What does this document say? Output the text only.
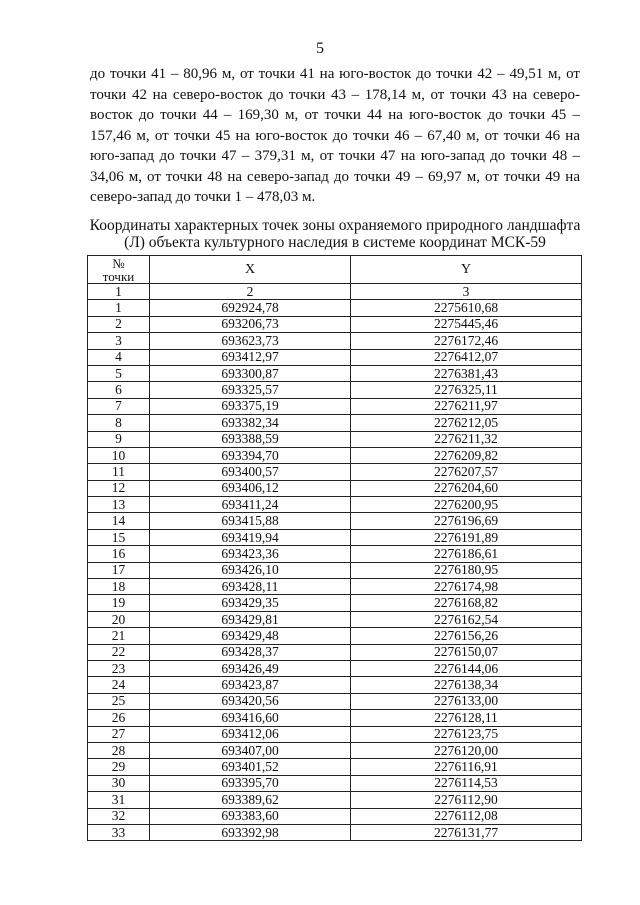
5

до точки 41 – 80,96 м, от точки 41 на юго-восток до точки 42 – 49,51 м, от точки 42 на северо-восток до точки 43 – 178,14 м, от точки 43 на северо-восток до точки 44 – 169,30 м, от точки 44 на юго-восток до точки 45 – 157,46 м, от точки 45 на юго-восток до точки 46 – 67,40 м, от точки 46 на юго-запад до точки 47 – 379,31 м, от точки 47 на юго-запад до точки 48 – 34,06 м, от точки 48 на северо-запад до точки 49 – 69,97 м, от точки 49 на северо-запад до точки 1 – 478,03 м.

Координаты характерных точек зоны охраняемого природного ландшафта
(Л) объекта культурного наследия в системе координат МСК-59
№
точки	X	Y
1	2	3
1	692924,78	2275610,68
2	693206,73	2275445,46
3	693623,73	2276172,46
4	693412,97	2276412,07
5	693300,87	2276381,43
6	693325,57	2276325,11
7	693375,19	2276211,97
8	693382,34	2276212,05
9	693388,59	2276211,32
10	693394,70	2276209,82
11	693400,57	2276207,57
12	693406,12	2276204,60
13	693411,24	2276200,95
14	693415,88	2276196,69
15	693419,94	2276191,89
16	693423,36	2276186,61
17	693426,10	2276180,95
18	693428,11	2276174,98
19	693429,35	2276168,82
20	693429,81	2276162,54
21	693429,48	2276156,26
22	693428,37	2276150,07
23	693426,49	2276144,06
24	693423,87	2276138,34
25	693420,56	2276133,00
26	693416,60	2276128,11
27	693412,06	2276123,75
28	693407,00	2276120,00
29	693401,52	2276116,91
30	693395,70	2276114,53
31	693389,62	2276112,90
32	693383,60	2276112,08
33	693392,98	2276131,77
